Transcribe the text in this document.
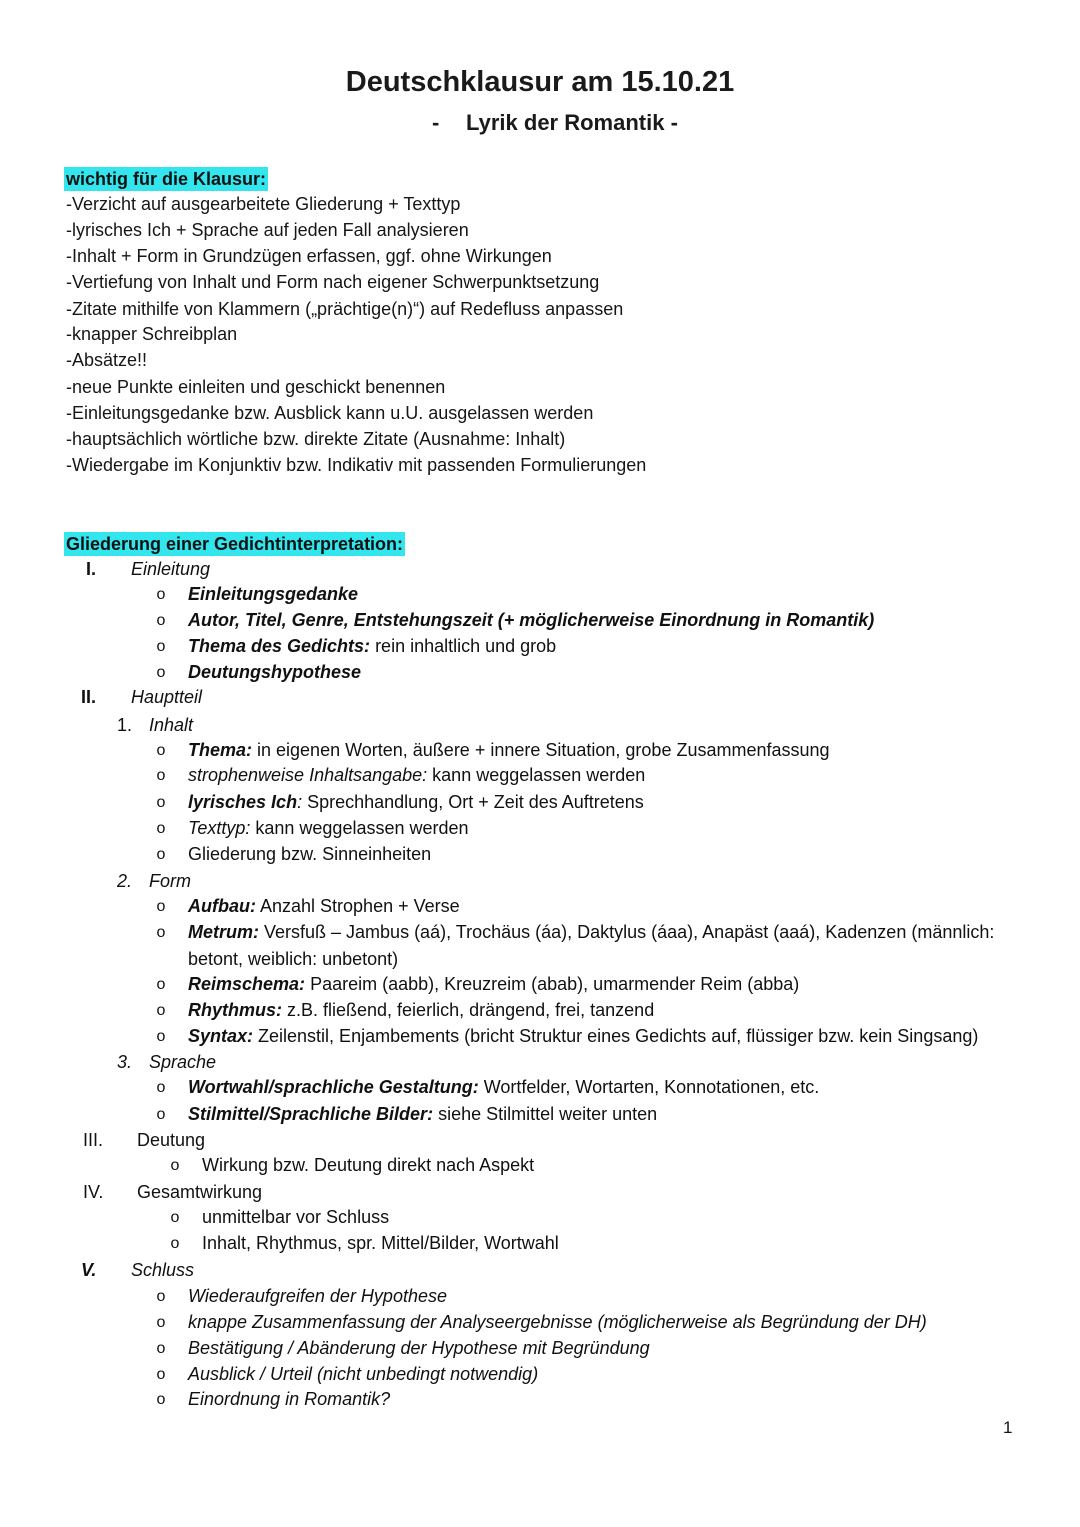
Deutschklausur am 15.10.21
- Lyrik der Romantik -
wichtig für die Klausur:
-Verzicht auf ausgearbeitete Gliederung + Texttyp
-lyrisches Ich + Sprache auf jeden Fall analysieren
-Inhalt + Form in Grundzügen erfassen, ggf. ohne Wirkungen
-Vertiefung von Inhalt und Form nach eigener Schwerpunktsetzung
-Zitate mithilfe von Klammern („prächtige(n)“) auf Redefluss anpassen
-knapper Schreibplan
-Absätze!!
-neue Punkte einleiten und geschickt benennen
-Einleitungsgedanke bzw. Ausblick kann u.U. ausgelassen werden
-hauptsächlich wörtliche bzw. direkte Zitate (Ausnahme: Inhalt)
-Wiedergabe im Konjunktiv bzw. Indikativ mit passenden Formulierungen
Gliederung einer Gedichtinterpretation:
I. Einleitung
o Einleitungsgedanke
o Autor, Titel, Genre, Entstehungszeit (+ möglicherweise Einordnung in Romantik)
o Thema des Gedichts: rein inhaltlich und grob
o Deutungshypothese
II. Hauptteil
1. Inhalt
o Thema: in eigenen Worten, äußere + innere Situation, grobe Zusammenfassung
o strophenweise Inhaltsangabe: kann weggelassen werden
o lyrisches Ich: Sprechhandlung, Ort + Zeit des Auftretens
o Texttyp: kann weggelassen werden
o Gliederung bzw. Sinneinheiten
2. Form
o Aufbau: Anzahl Strophen + Verse
o Metrum: Versfuß – Jambus (aá), Trochäus (áa), Daktylus (áaa), Anapäst (aaá), Kadenzen (männlich:
betont, weiblich: unbetont)
o Reimschema: Paareim (aabb), Kreuzreim (abab), umarmender Reim (abba)
o Rhythmus: z.B. fließend, feierlich, drängend, frei, tanzend
o Syntax: Zeilenstil, Enjambements (bricht Struktur eines Gedichts auf, flüssiger bzw. kein Singsang)
3. Sprache
o Wortwahl/sprachliche Gestaltung: Wortfelder, Wortarten, Konnotationen, etc.
o Stilmittel/Sprachliche Bilder: siehe Stilmittel weiter unten
III. Deutung
o Wirkung bzw. Deutung direkt nach Aspekt
IV. Gesamtwirkung
o unmittelbar vor Schluss
o Inhalt, Rhythmus, spr. Mittel/Bilder, Wortwahl
V. Schluss
o Wiederaufgreifen der Hypothese
o knappe Zusammenfassung der Analyseergebnisse (möglicherweise als Begründung der DH)
o Bestätigung / Abänderung der Hypothese mit Begründung
o Ausblick / Urteil (nicht unbedingt notwendig)
o Einordnung in Romantik?
1
